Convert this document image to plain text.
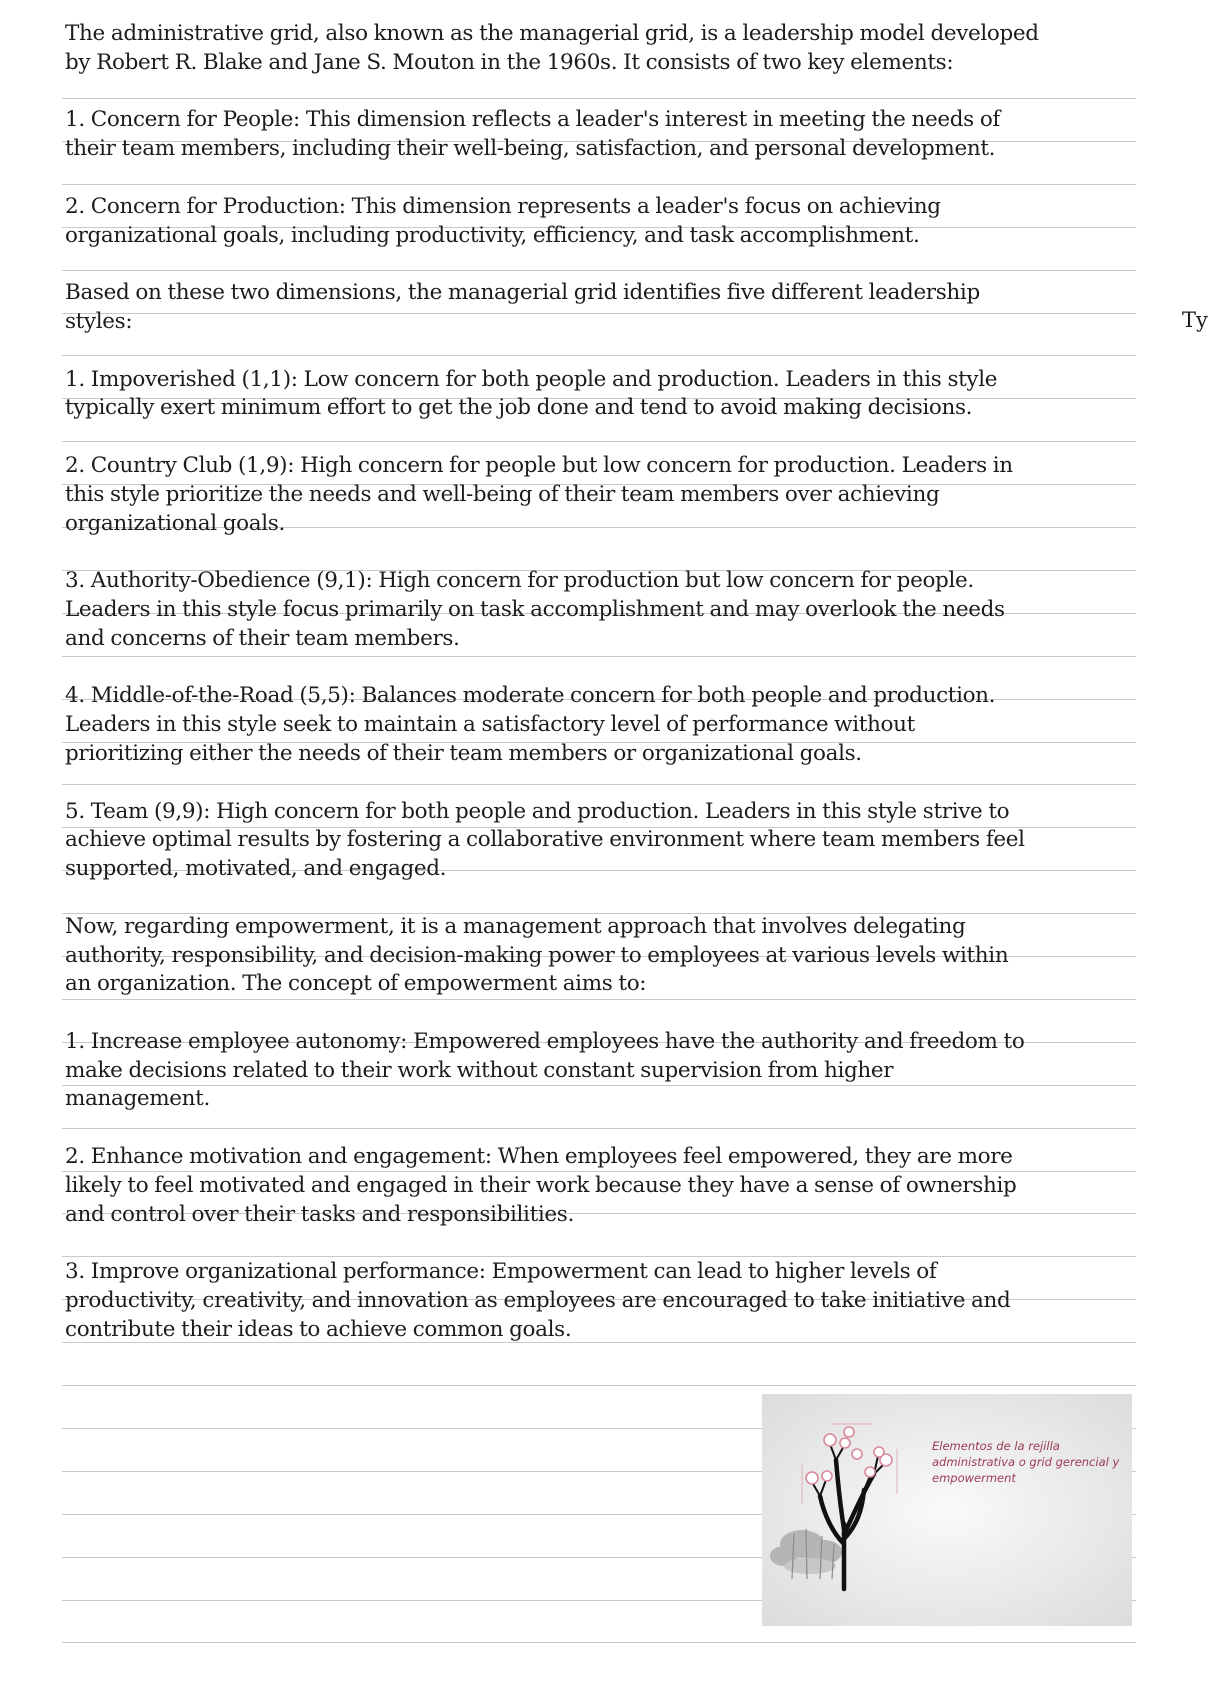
The administrative grid, also known as the managerial grid, is a leadership model developed
by Robert R. Blake and Jane S. Mouton in the 1960s. It consists of two key elements:

1. Concern for People: This dimension reflects a leader's interest in meeting the needs of
their team members, including their well-being, satisfaction, and personal development.

2. Concern for Production: This dimension represents a leader's focus on achieving
organizational goals, including productivity, efficiency, and task accomplishment.

Based on these two dimensions, the managerial grid identifies five different leadership
styles:

1. Impoverished (1,1): Low concern for both people and production. Leaders in this style
typically exert minimum effort to get the job done and tend to avoid making decisions.

2. Country Club (1,9): High concern for people but low concern for production. Leaders in
this style prioritize the needs and well-being of their team members over achieving
organizational goals.

3. Authority-Obedience (9,1): High concern for production but low concern for people.
Leaders in this style focus primarily on task accomplishment and may overlook the needs
and concerns of their team members.

4. Middle-of-the-Road (5,5): Balances moderate concern for both people and production.
Leaders in this style seek to maintain a satisfactory level of performance without
prioritizing either the needs of their team members or organizational goals.

5. Team (9,9): High concern for both people and production. Leaders in this style strive to
achieve optimal results by fostering a collaborative environment where team members feel
supported, motivated, and engaged.

Now, regarding empowerment, it is a management approach that involves delegating
authority, responsibility, and decision-making power to employees at various levels within
an organization. The concept of empowerment aims to:

1. Increase employee autonomy: Empowered employees have the authority and freedom to
make decisions related to their work without constant supervision from higher
management.

2. Enhance motivation and engagement: When employees feel empowered, they are more
likely to feel motivated and engaged in their work because they have a sense of ownership
and control over their tasks and responsibilities.

3. Improve organizational performance: Empowerment can lead to higher levels of
productivity, creativity, and innovation as employees are encouraged to take initiative and
contribute their ideas to achieve common goals.

Ty
Elementos de la rejilla administrativa o grid gerencial y empowerment
